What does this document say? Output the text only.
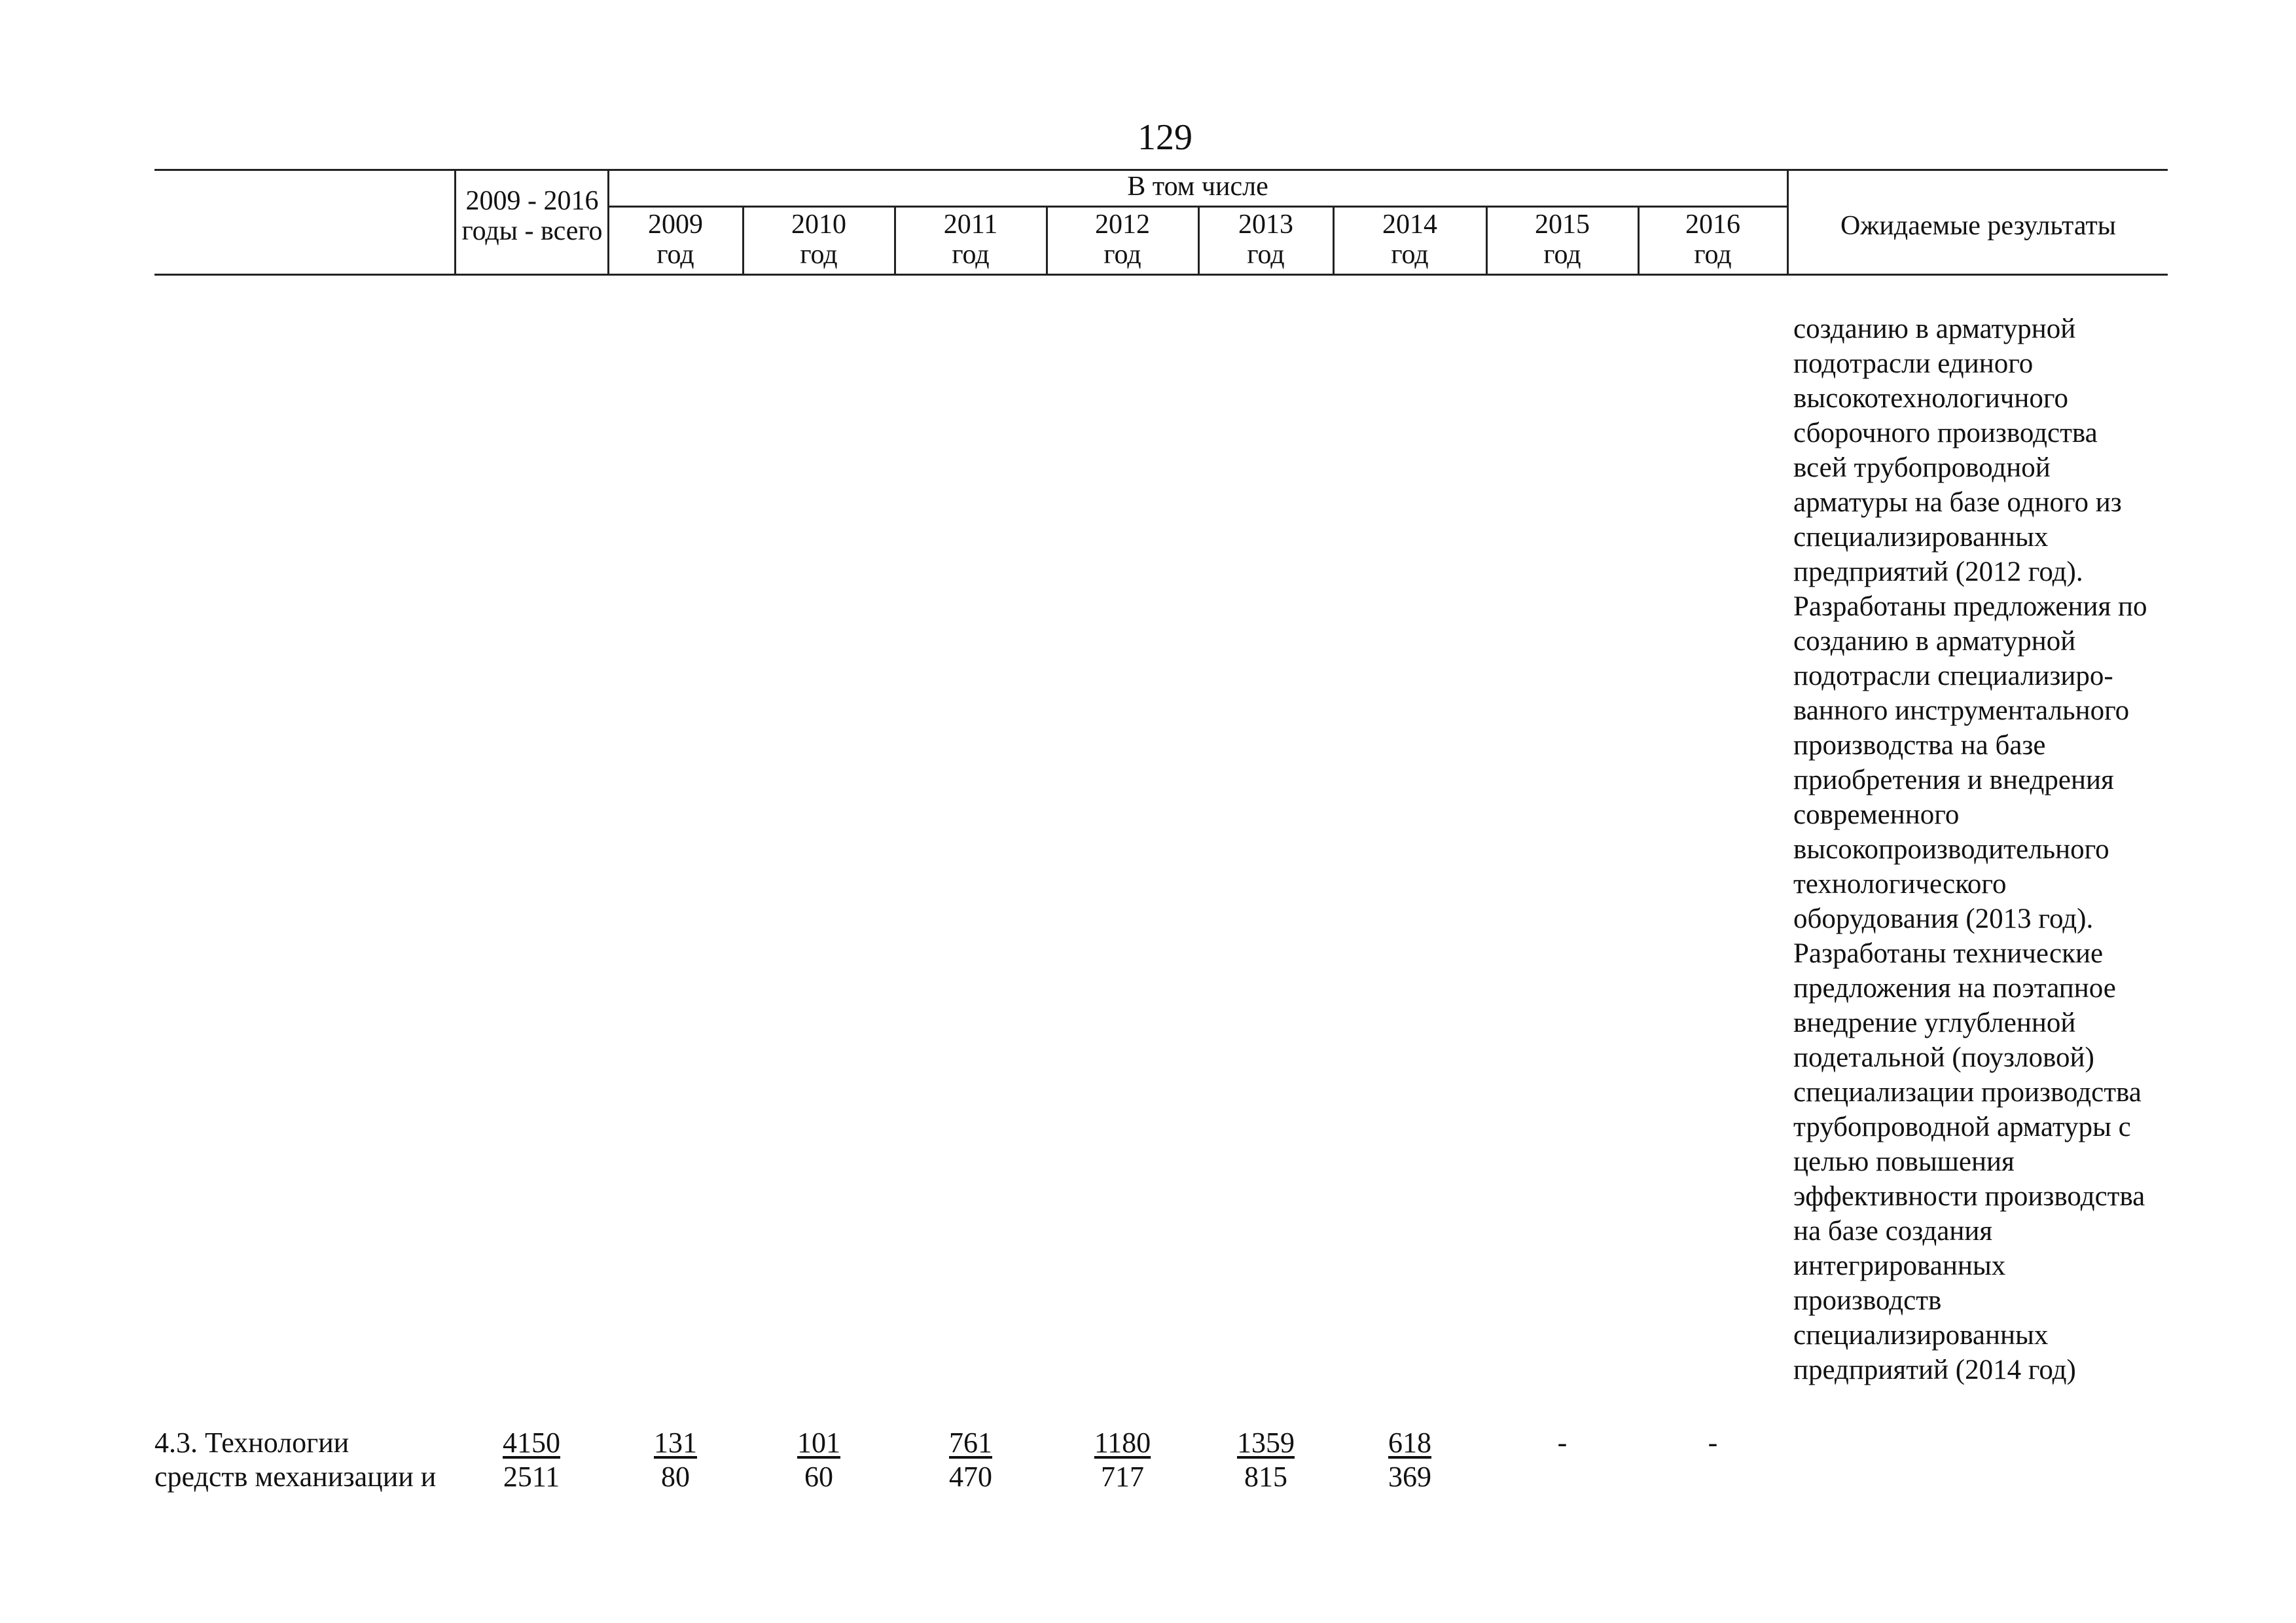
129
2009 - 2016
годы - всего
В том числе
2009
год
2010
год
2011
год
2012
год
2013
год
2014
год
2015
год
2016
год
Ожидаемые результаты
созданию в арматурной
подотрасли единого
высокотехнологичного
сборочного производства
всей трубопроводной
арматуры на базе одного из
специализированных
предприятий (2012 год).
Разработаны предложения по
созданию в арматурной
подотрасли специализиро-
ванного инструментального
производства на базе
приобретения и внедрения
современного
высокопроизводительного
технологического
оборудования (2013 год).
Разработаны технические
предложения на поэтапное
внедрение углубленной
подетальной (поузловой)
специализации производства
трубопроводной арматуры с
целью повышения
эффективности производства
на базе создания
интегрированных
производств
специализированных
предприятий (2014 год)
4.3. Технологии
средств механизации и
4150
2511
131
80
101
60
761
470
1180
717
1359
815
618
369
-	-
